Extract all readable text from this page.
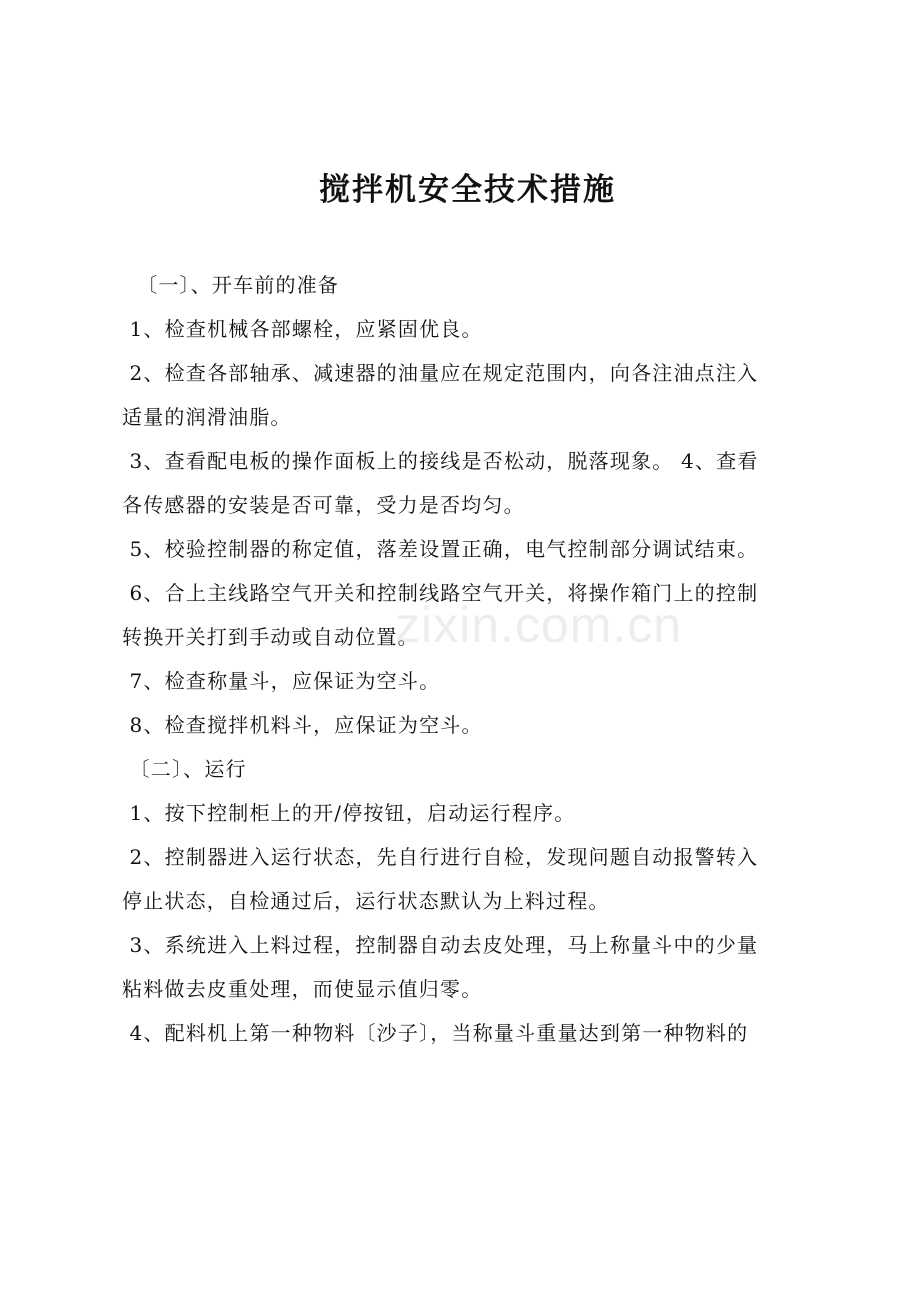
搅拌机安全技术措施
〔一〕、开车前的准备
1、检查机械各部螺栓，应紧固优良。
2、检查各部轴承、减速器的油量应在规定范围内，向各注油点注入
适量的润滑油脂。
3、查看配电板的操作面板上的接线是否松动，脱落现象。 4、查看
各传感器的安装是否可靠，受力是否均匀。
5、校验控制器的称定值，落差设置正确，电气控制部分调试结束。
6、合上主线路空气开关和控制线路空气开关，将操作箱门上的控制
转换开关打到手动或自动位置。
7、检查称量斗，应保证为空斗。
8、检查搅拌机料斗，应保证为空斗。
〔二〕、运行
1、按下控制柜上的开/停按钮，启动运行程序。
2、控制器进入运行状态，先自行进行自检，发现问题自动报警转入
停止状态，自检通过后，运行状态默认为上料过程。
3、系统进入上料过程，控制器自动去皮处理，马上称量斗中的少量
粘料做去皮重处理，而使显示值归零。
4、配料机上第一种物料〔沙子〕，当称量斗重量达到第一种物料的
zixin.com.cn
